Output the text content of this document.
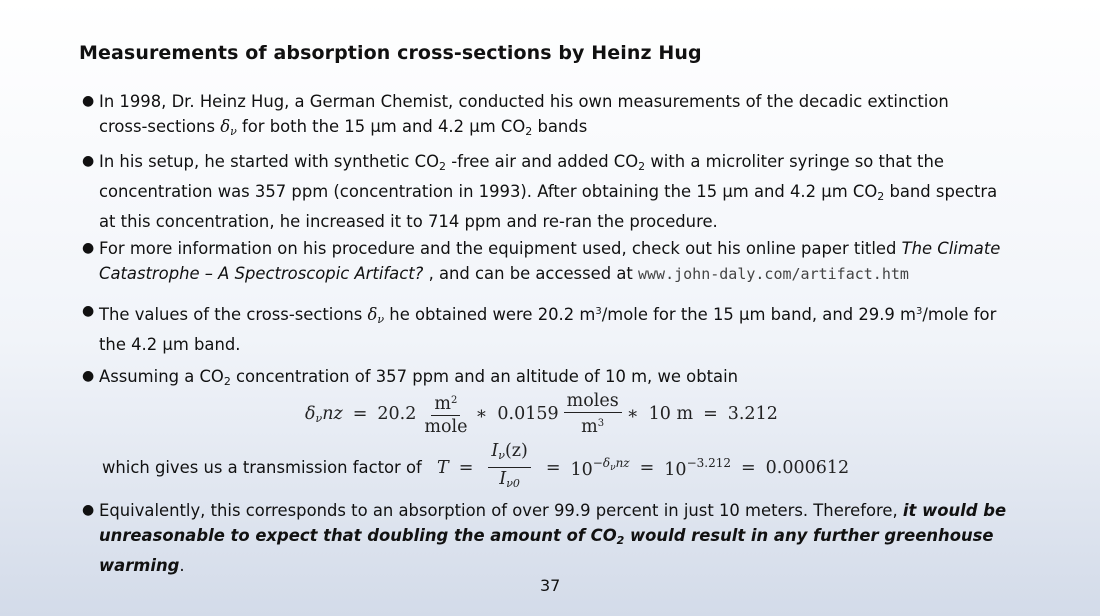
Measurements of absorption cross-sections by Heinz Hug
● In 1998, Dr. Heinz Hug, a German Chemist, conducted his own measurements of the decadic extinction
cross-sections $\delta_\nu$ for both the 15 µm and 4.2 µm $CO_2$ bands
● In his setup, he started with synthetic $CO_2$ -free air and added $CO_2$ with a microliter syringe so that the
concentration was 357 ppm (concentration in 1993). After obtaining the 15 µm and 4.2 µm $CO_2$ band spectra
at this concentration, he increased it to 714 ppm and re-ran the procedure.
● For more information on his procedure and the equipment used, check out his online paper titled The Climate
Catastrophe – A Spectroscopic Artifact? , and can be accessed at www.john-daly.com/artifact.htm
● The values of the cross-sections $\delta_\nu$ he obtained were 20.2 $m^3$/mole for the 15 µm band, and 29.9 $m^3$/mole for
the 4.2 µm band.
● Assuming a $CO_2$ concentration of 357 ppm and an altitude of 10 m, we obtain
$\delta_\nu nz = 20.2 \frac{m^2}{\text{mole}}$ ∗ $0.0159 \frac{\text{moles}}{m^3}$ ∗ 10
m = 3.212
which gives us a transmission factor of $T = \frac{I_\nu(z)}{I_{\nu 0}} = 10^{-\delta_\nu nz} = 10^{-3.212} = 0.000612$
● Equivalently, this corresponds to an absorption of over 99.9 percent in just 10 meters. Therefore, it would be
unreasonable to expect that doubling the amount of $CO_2$ would result in any further greenhouse warming.
37
